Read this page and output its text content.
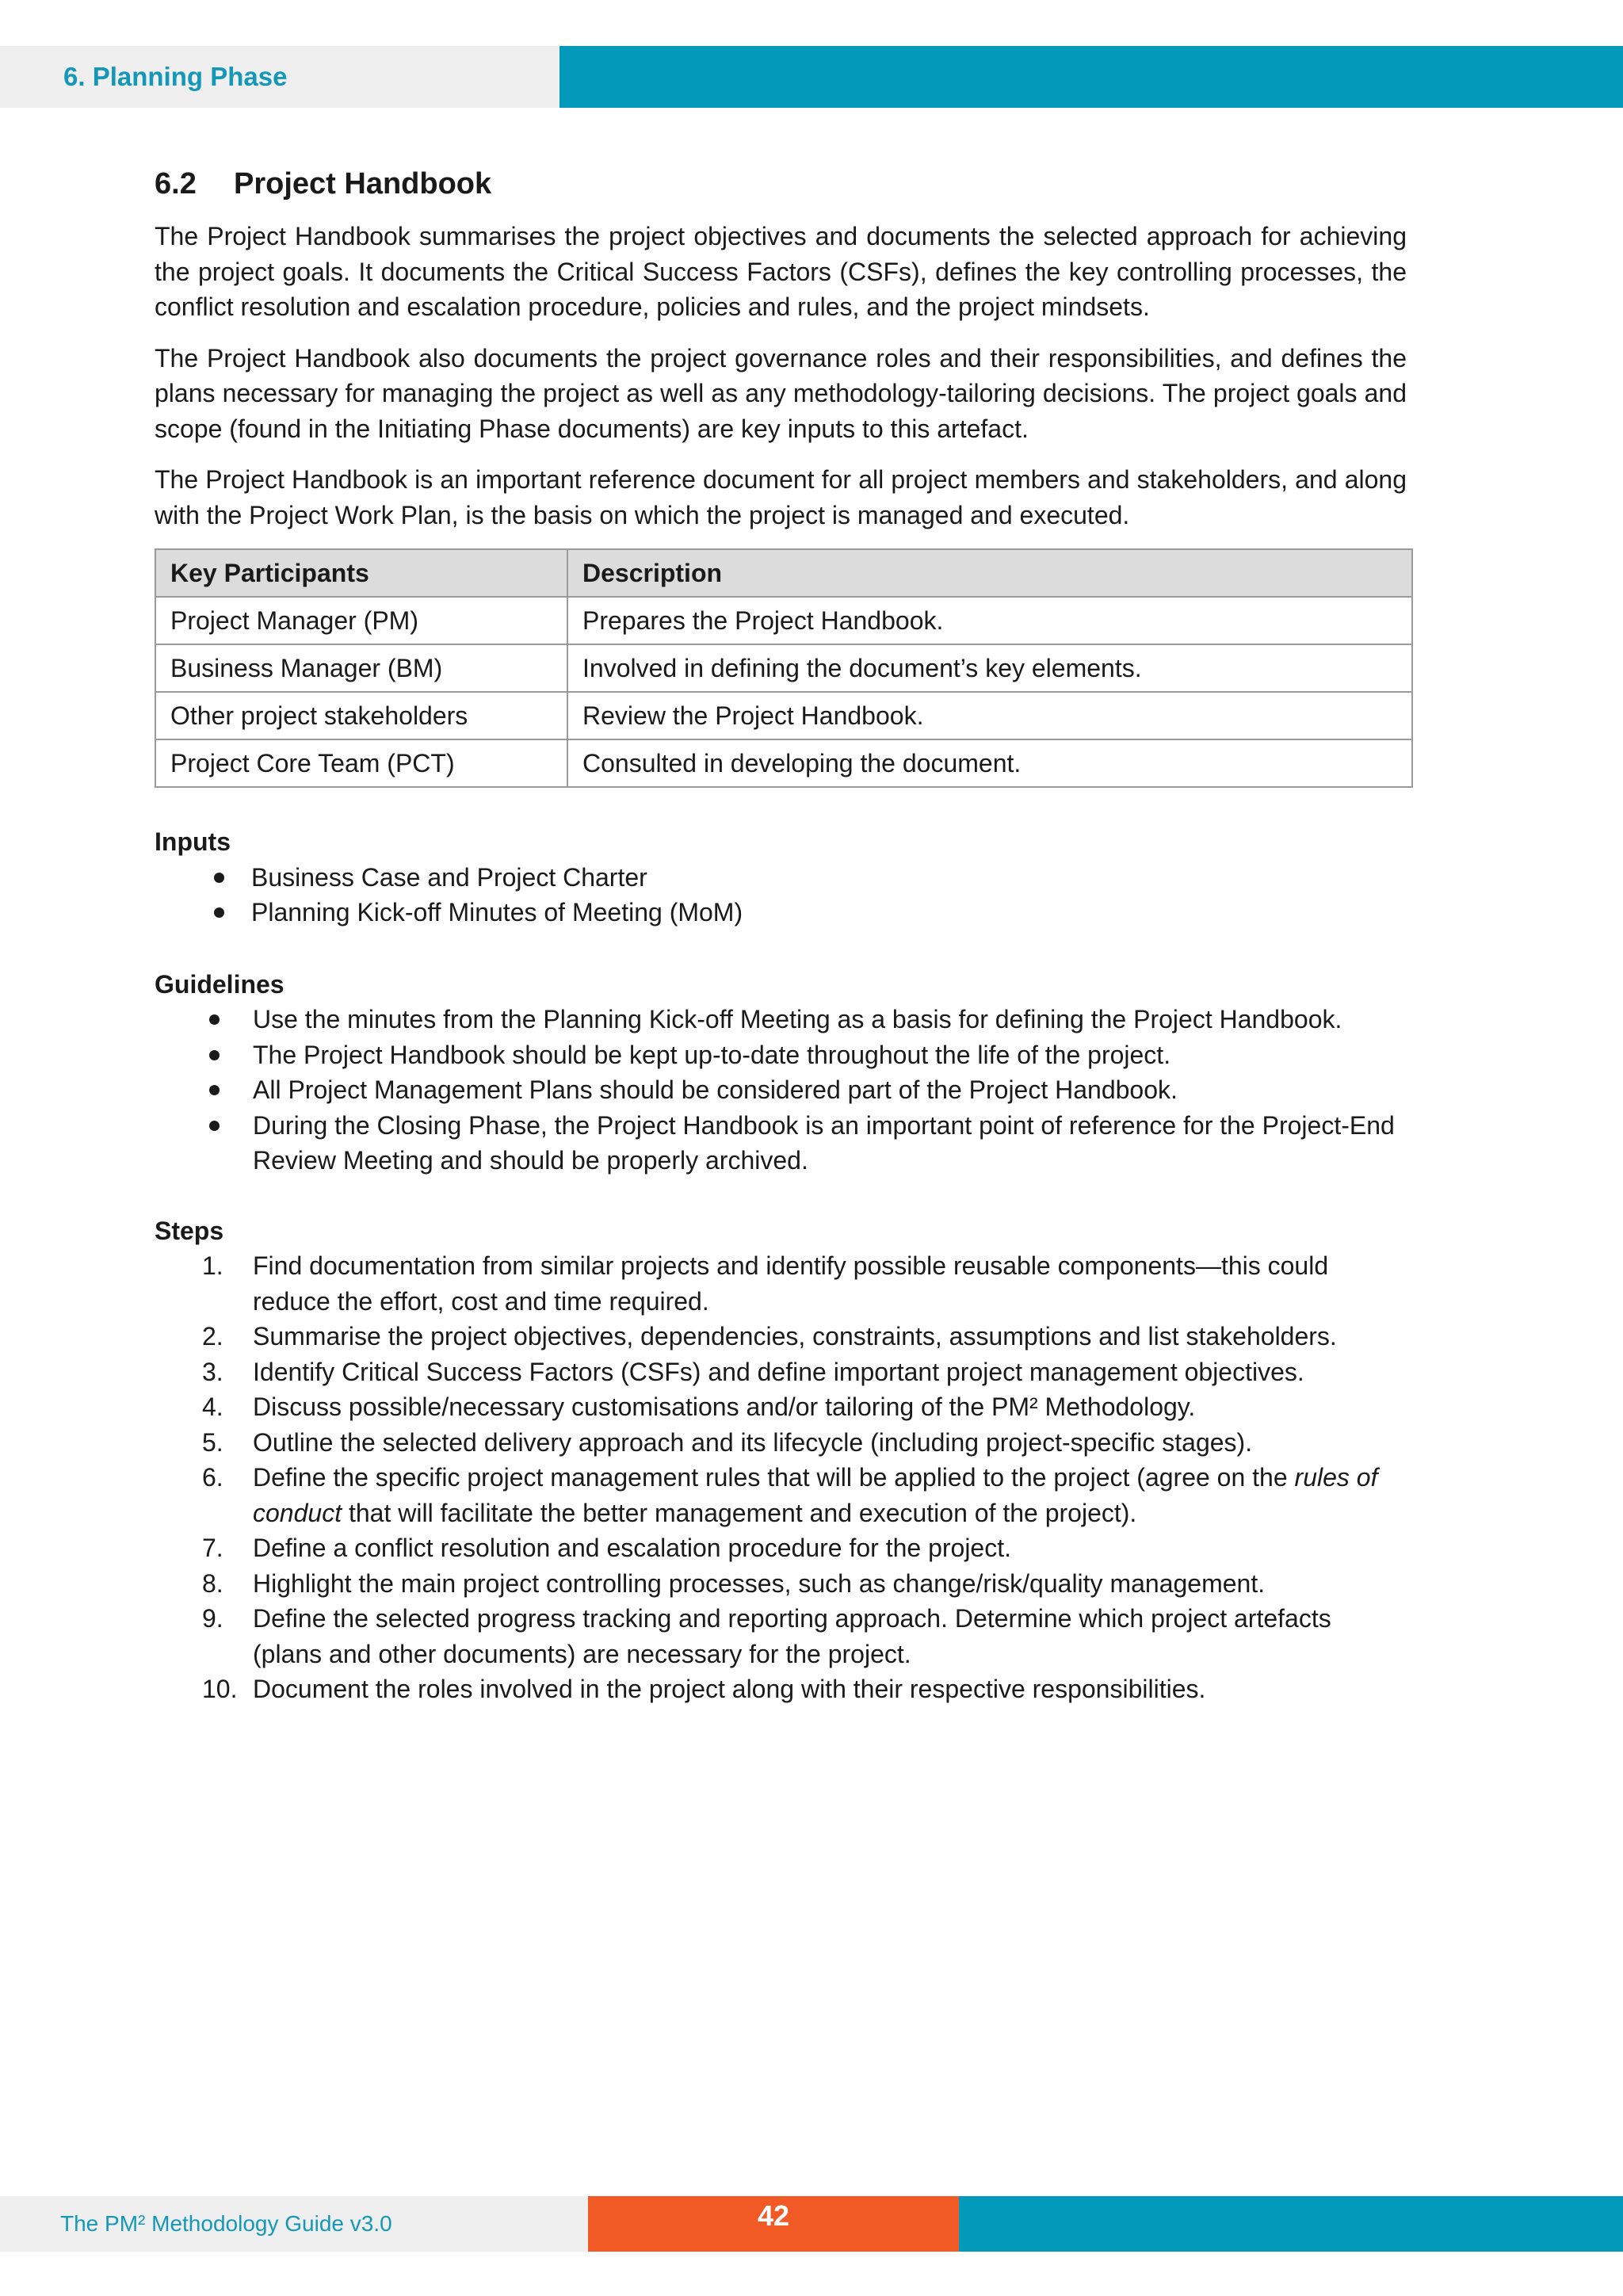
6. Planning Phase
6.2 Project Handbook

The Project Handbook summarises the project objectives and documents the selected approach for achieving the project goals. It documents the Critical Success Factors (CSFs), defines the key controlling processes, the conflict resolution and escalation procedure, policies and rules, and the project mindsets.

The Project Handbook also documents the project governance roles and their responsibilities, and defines the plans necessary for managing the project as well as any methodology-tailoring decisions. The project goals and scope (found in the Initiating Phase documents) are key inputs to this artefact.

The Project Handbook is an important reference document for all project members and stakeholders, and along with the Project Work Plan, is the basis on which the project is managed and executed.

Key Participants	Description
Project Manager (PM)	Prepares the Project Handbook.
Business Manager (BM)	Involved in defining the document’s key elements.
Other project stakeholders	Review the Project Handbook.
Project Core Team (PCT)	Consulted in developing the document.

Inputs

Business Case and Project Charter
Planning Kick-off Minutes of Meeting (MoM)

Guidelines

Use the minutes from the Planning Kick-off Meeting as a basis for defining the Project Handbook.
The Project Handbook should be kept up-to-date throughout the life of the project.
All Project Management Plans should be considered part of the Project Handbook.
During the Closing Phase, the Project Handbook is an important point of reference for the Project-End Review Meeting and should be properly archived.

Steps

1. Find documentation from similar projects and identify possible reusable components—this could reduce the effort, cost and time required.
2. Summarise the project objectives, dependencies, constraints, assumptions and list stakeholders.
3. Identify Critical Success Factors (CSFs) and define important project management objectives.
4. Discuss possible/necessary customisations and/or tailoring of the PM² Methodology.
5. Outline the selected delivery approach and its lifecycle (including project-specific stages).
6. Define the specific project management rules that will be applied to the project (agree on the rules of conduct that will facilitate the better management and execution of the project).
7. Define a conflict resolution and escalation procedure for the project.
8. Highlight the main project controlling processes, such as change/risk/quality management.
9. Define the selected progress tracking and reporting approach. Determine which project artefacts (plans and other documents) are necessary for the project.
10. Document the roles involved in the project along with their respective responsibilities.
The PM² Methodology Guide v3.0	42
